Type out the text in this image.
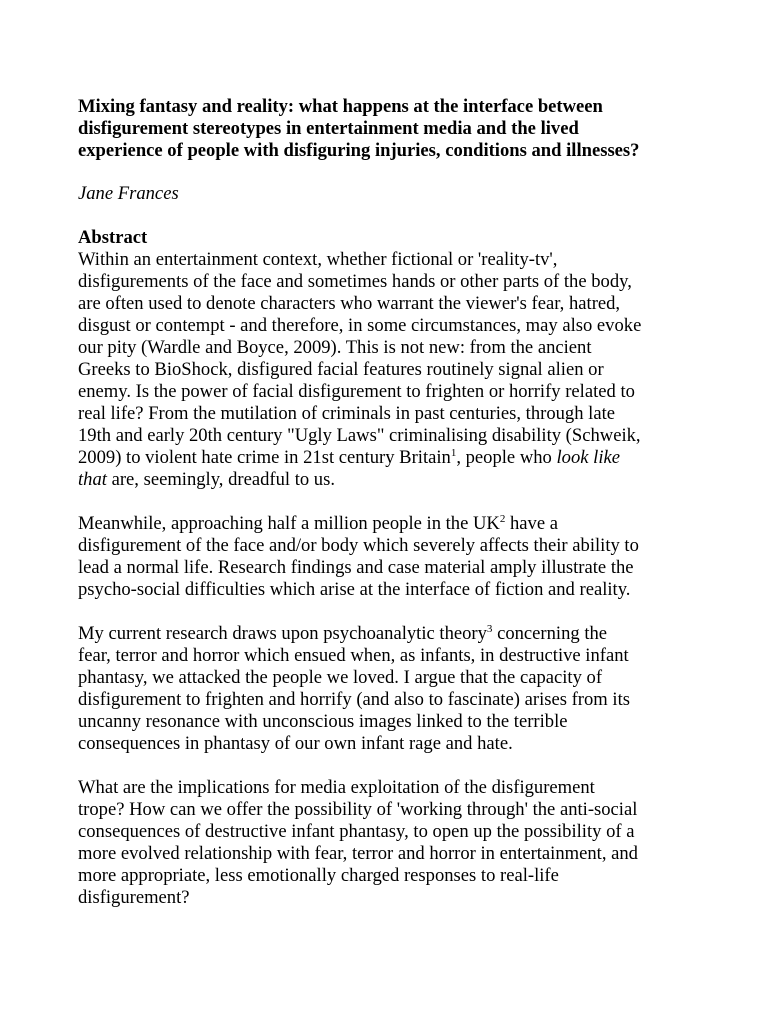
Mixing fantasy and reality: what happens at the interface between
disfigurement stereotypes in entertainment media and the lived
experience of people with disfiguring injuries, conditions and illnesses?

Jane Frances

Abstract

Within an entertainment context, whether fictional or 'reality-tv',
disfigurements of the face and sometimes hands or other parts of the body,
are often used to denote characters who warrant the viewer's fear, hatred,
disgust or contempt - and therefore, in some circumstances, may also evoke
our pity (Wardle and Boyce, 2009). This is not new: from the ancient
Greeks to BioShock, disfigured facial features routinely signal alien or
enemy. Is the power of facial disfigurement to frighten or horrify related to
real life? From the mutilation of criminals in past centuries, through late
19th and early 20th century "Ugly Laws" criminalising disability (Schweik,
2009) to violent hate crime in 21st century Britain$^1$, people who look like
that are, seemingly, dreadful to us.
Meanwhile, approaching half a million people in the $UK^2$ have a
disfigurement of the face and/or body which severely affects their ability to
lead a normal life. Research findings and case material amply illustrate the
psycho-social difficulties which arise at the interface of fiction and reality.
My current research draws upon psychoanalytic theory$^3$ concerning the
fear, terror and horror which ensued when, as infants, in destructive infant
phantasy, we attacked the people we loved. I argue that the capacity of
disfigurement to frighten and horrify (and also to fascinate) arises from its
uncanny resonance with unconscious images linked to the terrible
consequences in phantasy of our own infant rage and hate.
What are the implications for media exploitation of the disfigurement
trope? How can we offer the possibility of 'working through' the anti-social
consequences of destructive infant phantasy, to open up the possibility of a
more evolved relationship with fear, terror and horror in entertainment, and
more appropriate, less emotionally charged responses to real-life
disfigurement?
